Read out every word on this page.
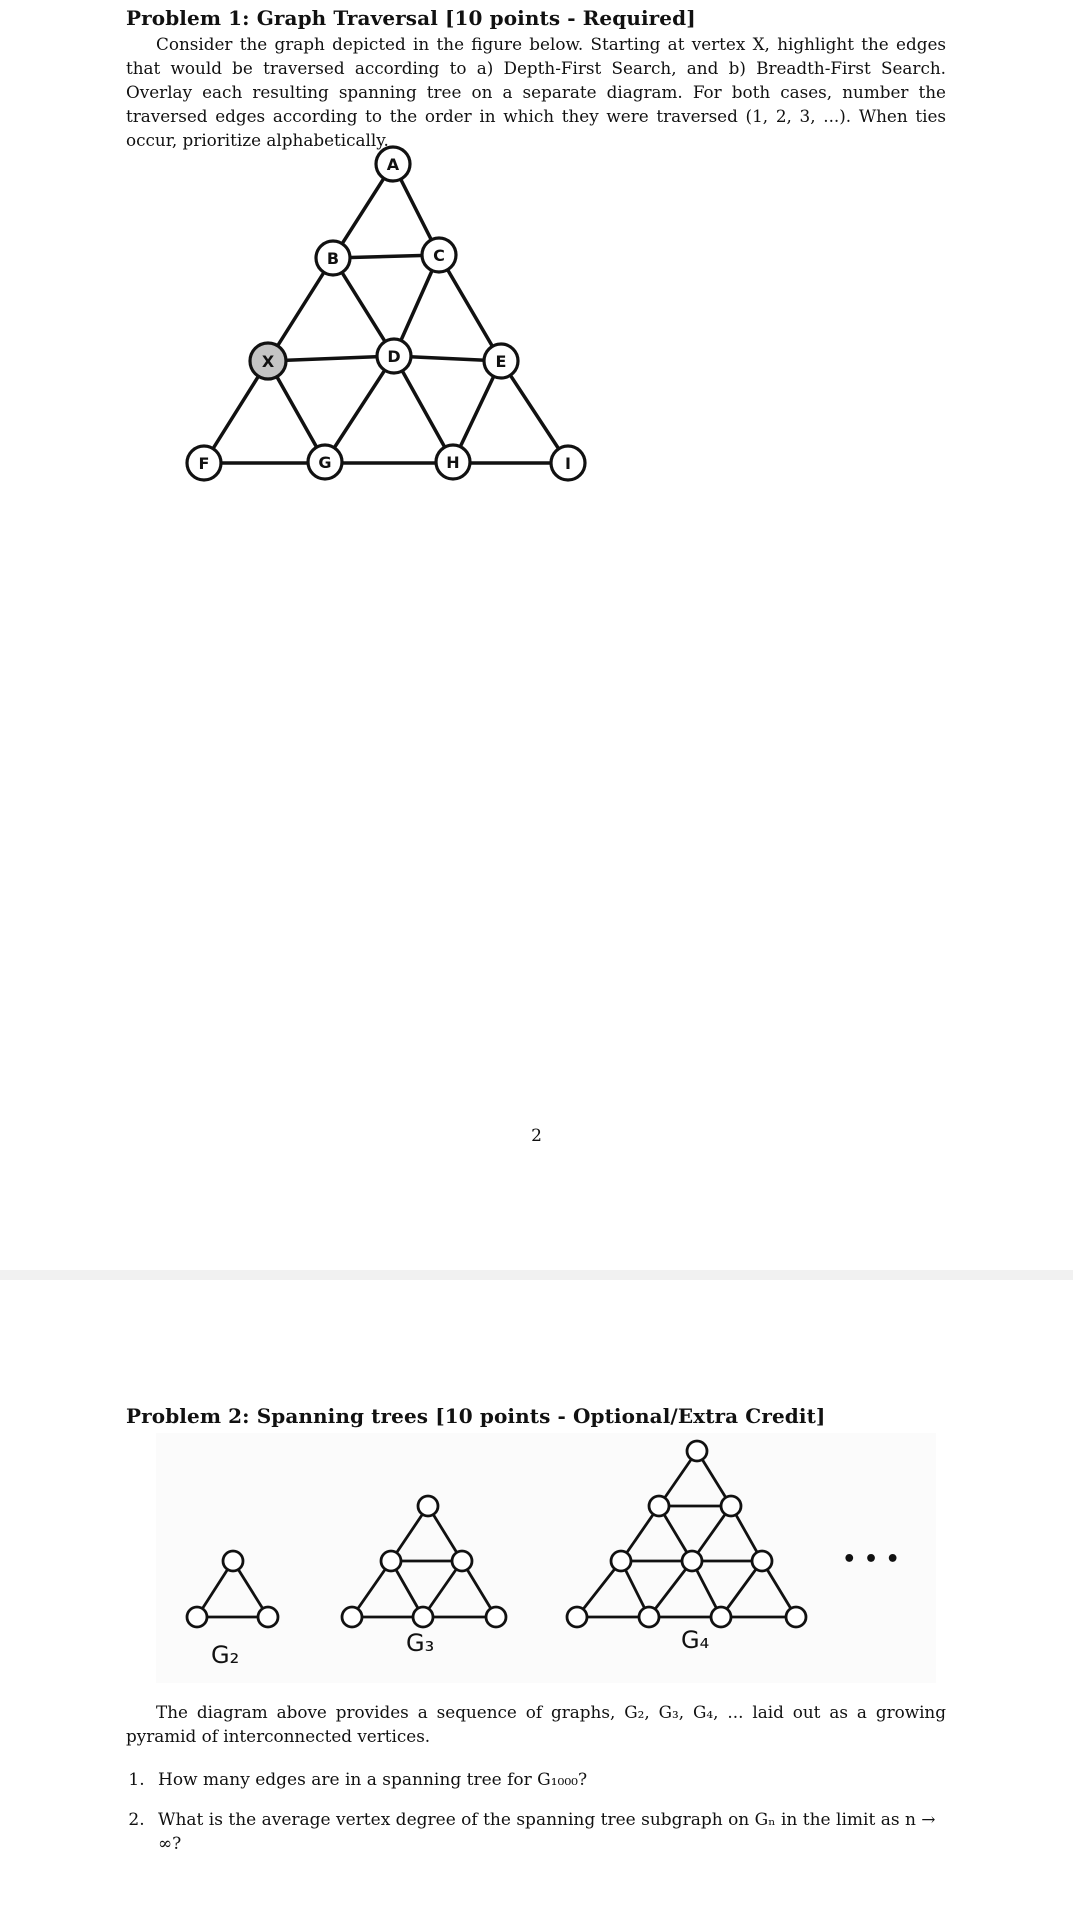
Problem 1: Graph Traversal [10 points - Required]
Consider the graph depicted in the figure below. Starting at vertex X, highlight the edges that would be traversed according to a) Depth-First Search, and b) Breadth-First Search. Overlay each resulting spanning tree on a separate diagram. For both cases, number the traversed edges according to the order in which they were traversed (1, 2, 3, ...). When ties occur, prioritize alphabetically.
A
B	C
X	D	E
F	G	H	I
2
Problem 2: Spanning trees [10 points - Optional/Extra Credit]
G₂	G₃	G₄
• • •
The diagram above provides a sequence of graphs, G₂, G₃, G₄, ... laid out as a growing pyramid of interconnected vertices.
1. How many edges are in a spanning tree for G₁₀₀₀?
2. What is the average vertex degree of the spanning tree subgraph on Gₙ in the limit as n → ∞?
